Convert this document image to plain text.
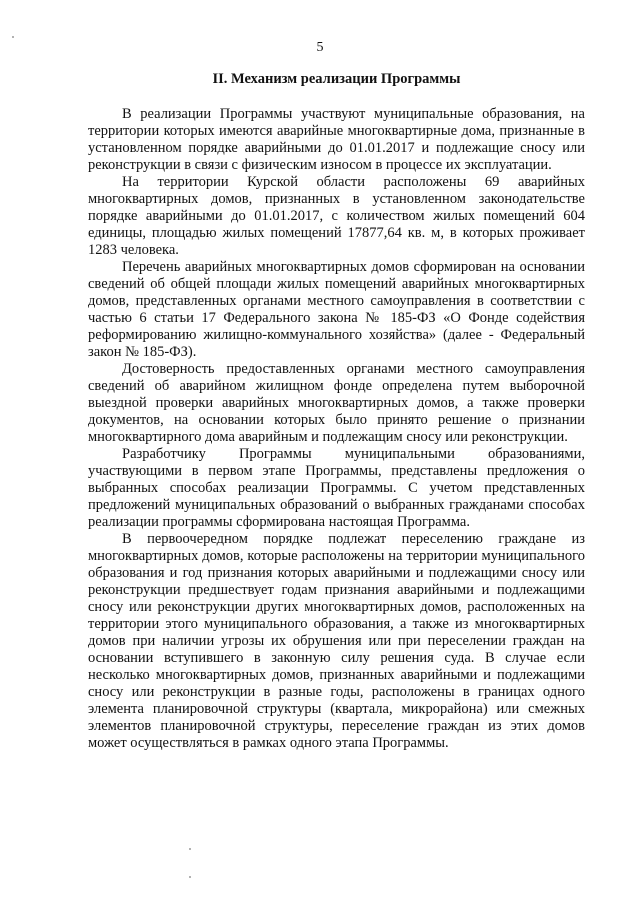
5
II. Механизм реализации Программы

В реализации Программы участвуют муниципальные образования, на территории которых имеются аварийные многоквартирные дома, признанные в установленном порядке аварийными до 01.01.2017 и подлежащие сносу или реконструкции в связи с физическим износом в процессе их эксплуатации.

На территории Курской области расположены 69 аварийных многоквартирных домов, признанных в установленном законодательстве порядке аварийными до 01.01.2017, с количеством жилых помещений 604 единицы, площадью жилых помещений 17877,64 кв. м, в которых проживает 1283 человека.

Перечень аварийных многоквартирных домов сформирован на основании сведений об общей площади жилых помещений аварийных многоквартирных домов, представленных органами местного самоуправления в соответствии с частью 6 статьи 17 Федерального закона № 185-ФЗ «О Фонде содействия реформированию жилищно-коммунального хозяйства» (далее - Федеральный закон № 185-ФЗ).

Достоверность предоставленных органами местного самоуправления сведений об аварийном жилищном фонде определена путем выборочной выездной проверки аварийных многоквартирных домов, а также проверки документов, на основании которых было принято решение о признании многоквартирного дома аварийным и подлежащим сносу или реконструкции.

Разработчику Программы муниципальными образованиями, участвующими в первом этапе Программы, представлены предложения о выбранных способах реализации Программы. С учетом представленных предложений муниципальных образований о выбранных гражданами способах реализации программы сформирована настоящая Программа.

В первоочередном порядке подлежат переселению граждане из многоквартирных домов, которые расположены на территории муниципального образования и год признания которых аварийными и подлежащими сносу или реконструкции предшествует годам признания аварийными и подлежащими сносу или реконструкции других многоквартирных домов, расположенных на территории этого муниципального образования, а также из многоквартирных домов при наличии угрозы их обрушения или при переселении граждан на основании вступившего в законную силу решения суда. В случае если несколько многоквартирных домов, признанных аварийными и подлежащими сносу или реконструкции в разные годы, расположены в границах одного элемента планировочной структуры (квартала, микрорайона) или смежных элементов планировочной структуры, переселение граждан из этих домов может осуществляться в рамках одного этапа Программы.
